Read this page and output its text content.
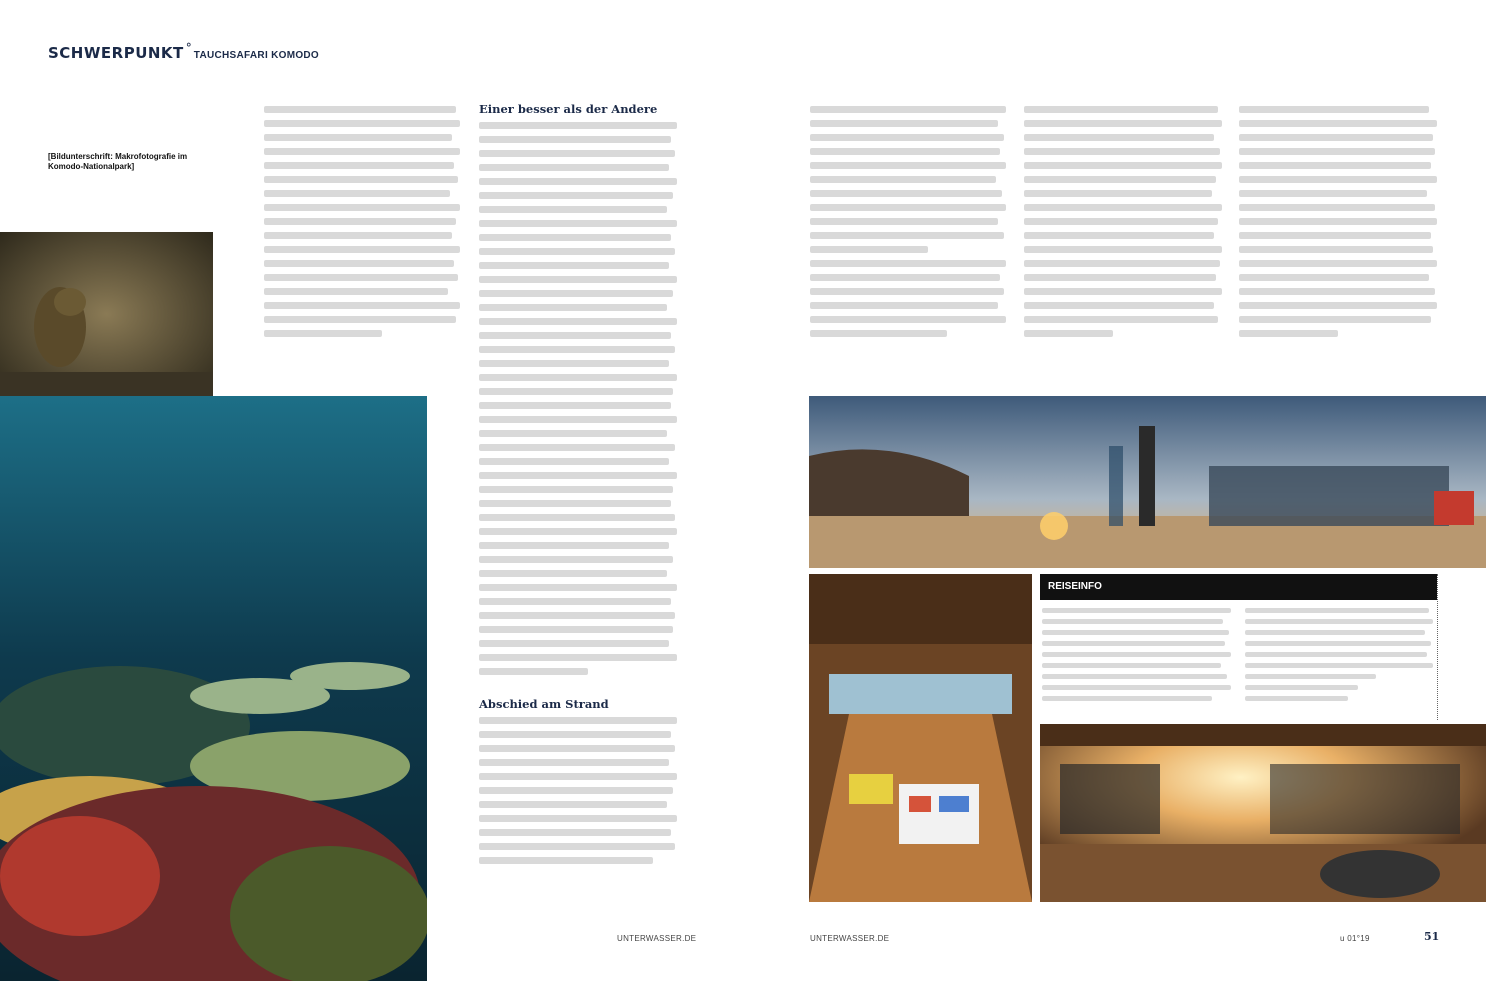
SCHWERPUNKT °
TAUCHSAFARI KOMODO
[Bildunterschrift: Makrofotografie im Komodo-Nationalpark]
Einer besser als der Andere
Abschied am Strand
REISEINFO
UNTERWASSER.DE	UNTERWASSER.DE	u 01°19	51
